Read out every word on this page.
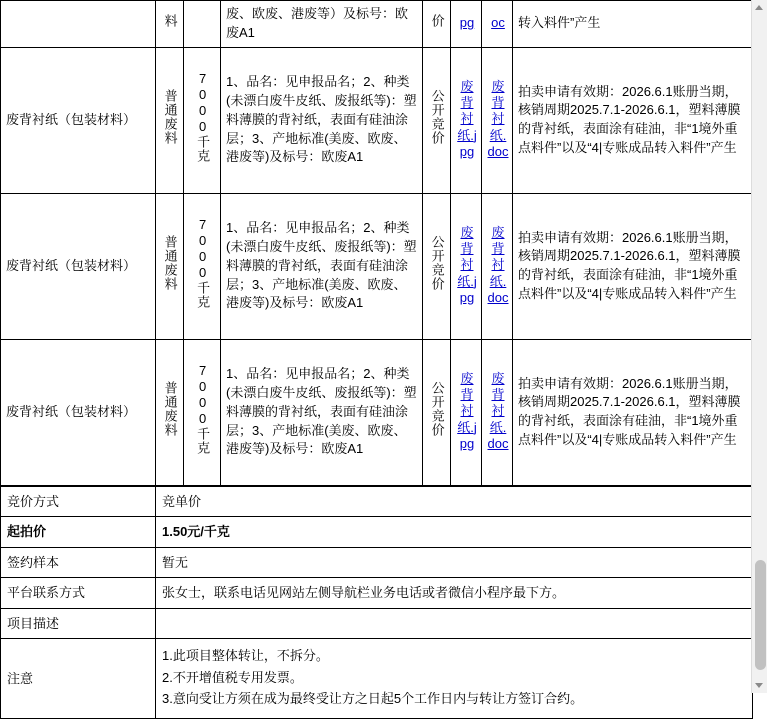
	料		废、欧废、港废等）及标号：欧废A1	价	pg	oc	转入料件”产生
废背衬纸（包装材料）	普通废料	7000千克	1、品名：见申报品名；2、种类(未漂白废牛皮纸、废报纸等)：塑料薄膜的背衬纸，表面有硅油涂层；3、产地标准(美废、欧废、港废等)及标号：欧废A1	公开竞价	废背衬纸.jpg	废背衬纸.doc	拍卖申请有效期：2026.6.1账册当期，核销周期2025.7.1-2026.6.1，塑料薄膜的背衬纸，表面涂有硅油，非“1境外重点料件”以及“4|专账成品转入料件”产生
废背衬纸（包装材料）	普通废料	7000千克	1、品名：见申报品名；2、种类(未漂白废牛皮纸、废报纸等)：塑料薄膜的背衬纸，表面有硅油涂层；3、产地标准(美废、欧废、港废等)及标号：欧废A1	公开竞价	废背衬纸.jpg	废背衬纸.doc	拍卖申请有效期：2026.6.1账册当期，核销周期2025.7.1-2026.6.1，塑料薄膜的背衬纸，表面涂有硅油，非“1境外重点料件”以及“4|专账成品转入料件”产生
废背衬纸（包装材料）	普通废料	7000千克	1、品名：见申报品名；2、种类(未漂白废牛皮纸、废报纸等)：塑料薄膜的背衬纸，表面有硅油涂层；3、产地标准(美废、欧废、港废等)及标号：欧废A1	公开竞价	废背衬纸.jpg	废背衬纸.doc	拍卖申请有效期：2026.6.1账册当期，核销周期2025.7.1-2026.6.1，塑料薄膜的背衬纸，表面涂有硅油，非“1境外重点料件”以及“4|专账成品转入料件”产生
竞价方式	竞单价
起拍价	1.50元/千克
签约样本	暂无
平台联系方式	张女士，联系电话见网站左侧导航栏业务电话或者微信小程序最下方。
项目描述	
注意	1.此项目整体转让，不拆分。

2.不开增值税专用发票。

3.意向受让方须在成为最终受让方之日起5个工作日内与转让方签订合约。
